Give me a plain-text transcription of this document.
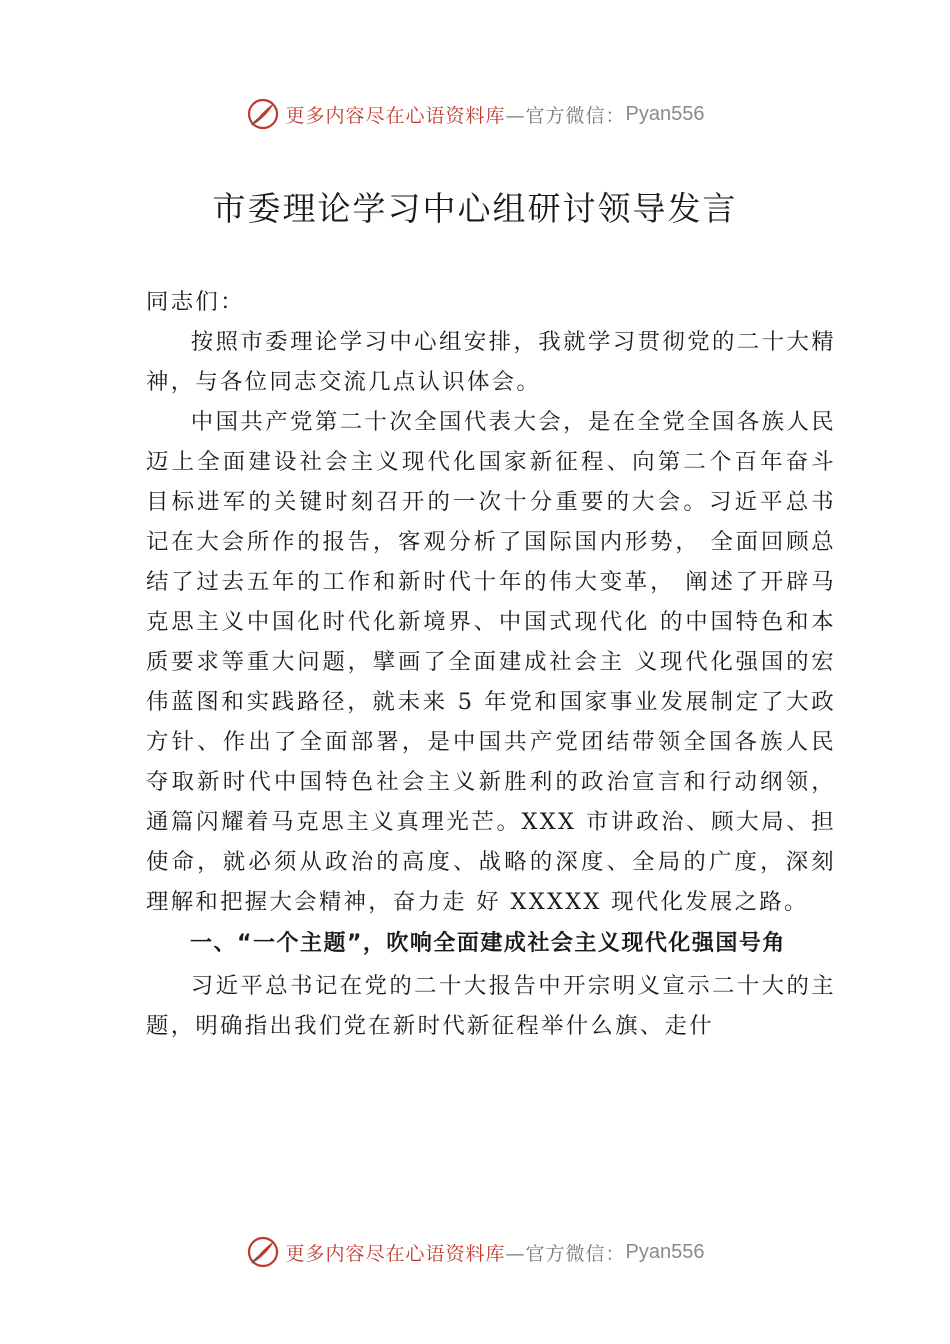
更多内容尽在心语资料库 —官方微信： Pyan556
市委理论学习中心组研讨领导发言

同志们：

按照市委理论学习中心组安排，我就学习贯彻党的二十大精神，与各位同志交流几点认识体会。

中国共产党第二十次全国代表大会，是在全党全国各族人民迈上全面建设社会主义现代化国家新征程、向第二个百年奋斗目标进军的关键时刻召开的一次十分重要的大会。习近平总书记在大会所作的报告，客观分析了国际国内形势， 全面回顾总结了过去五年的工作和新时代十年的伟大变革， 阐述了开辟马克思主义中国化时代化新境界、中国式现代化 的中国特色和本质要求等重大问题，擘画了全面建成社会主 义现代化强国的宏伟蓝图和实践路径，就未来 5 年党和国家事业发展制定了大政方针、作出了全面部署，是中国共产党团结带领全国各族人民夺取新时代中国特色社会主义新胜利的政治宣言和行动纲领，通篇闪耀着马克思主义真理光芒。XXX 市讲政治、顾大局、担使命，就必须从政治的高度、战略的深度、全局的广度，深刻理解和把握大会精神，奋力走 好 XXXXX 现代化发展之路。

一、“一个主题”，吹响全面建成社会主义现代化强国号角

习近平总书记在党的二十大报告中开宗明义宣示二十大的主题，明确指出我们党在新时代新征程举什么旗、走什

更多内容尽在心语资料库 —官方微信： Pyan556
